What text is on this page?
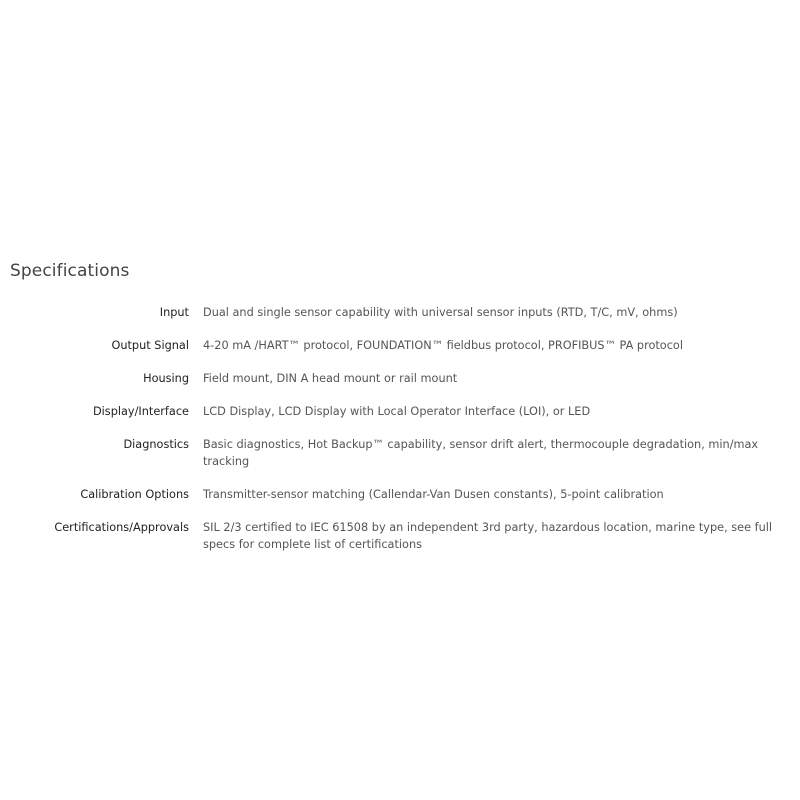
Specifications
Input Dual and single sensor capability with universal sensor inputs (RTD, T/C, mV, ohms)
Output Signal 4-20 mA /HART™ protocol, FOUNDATION™ fieldbus protocol, PROFIBUS™ PA protocol
Housing Field mount, DIN A head mount or rail mount
Display/Interface LCD Display, LCD Display with Local Operator Interface (LOI), or LED
Diagnostics Basic diagnostics, Hot Backup™ capability, sensor drift alert, thermocouple degradation, min/max tracking
Calibration Options Transmitter-sensor matching (Callendar-Van Dusen constants), 5-point calibration
Certifications/Approvals SIL 2/3 certified to IEC 61508 by an independent 3rd party, hazardous location, marine type, see full specs for complete list of certifications
